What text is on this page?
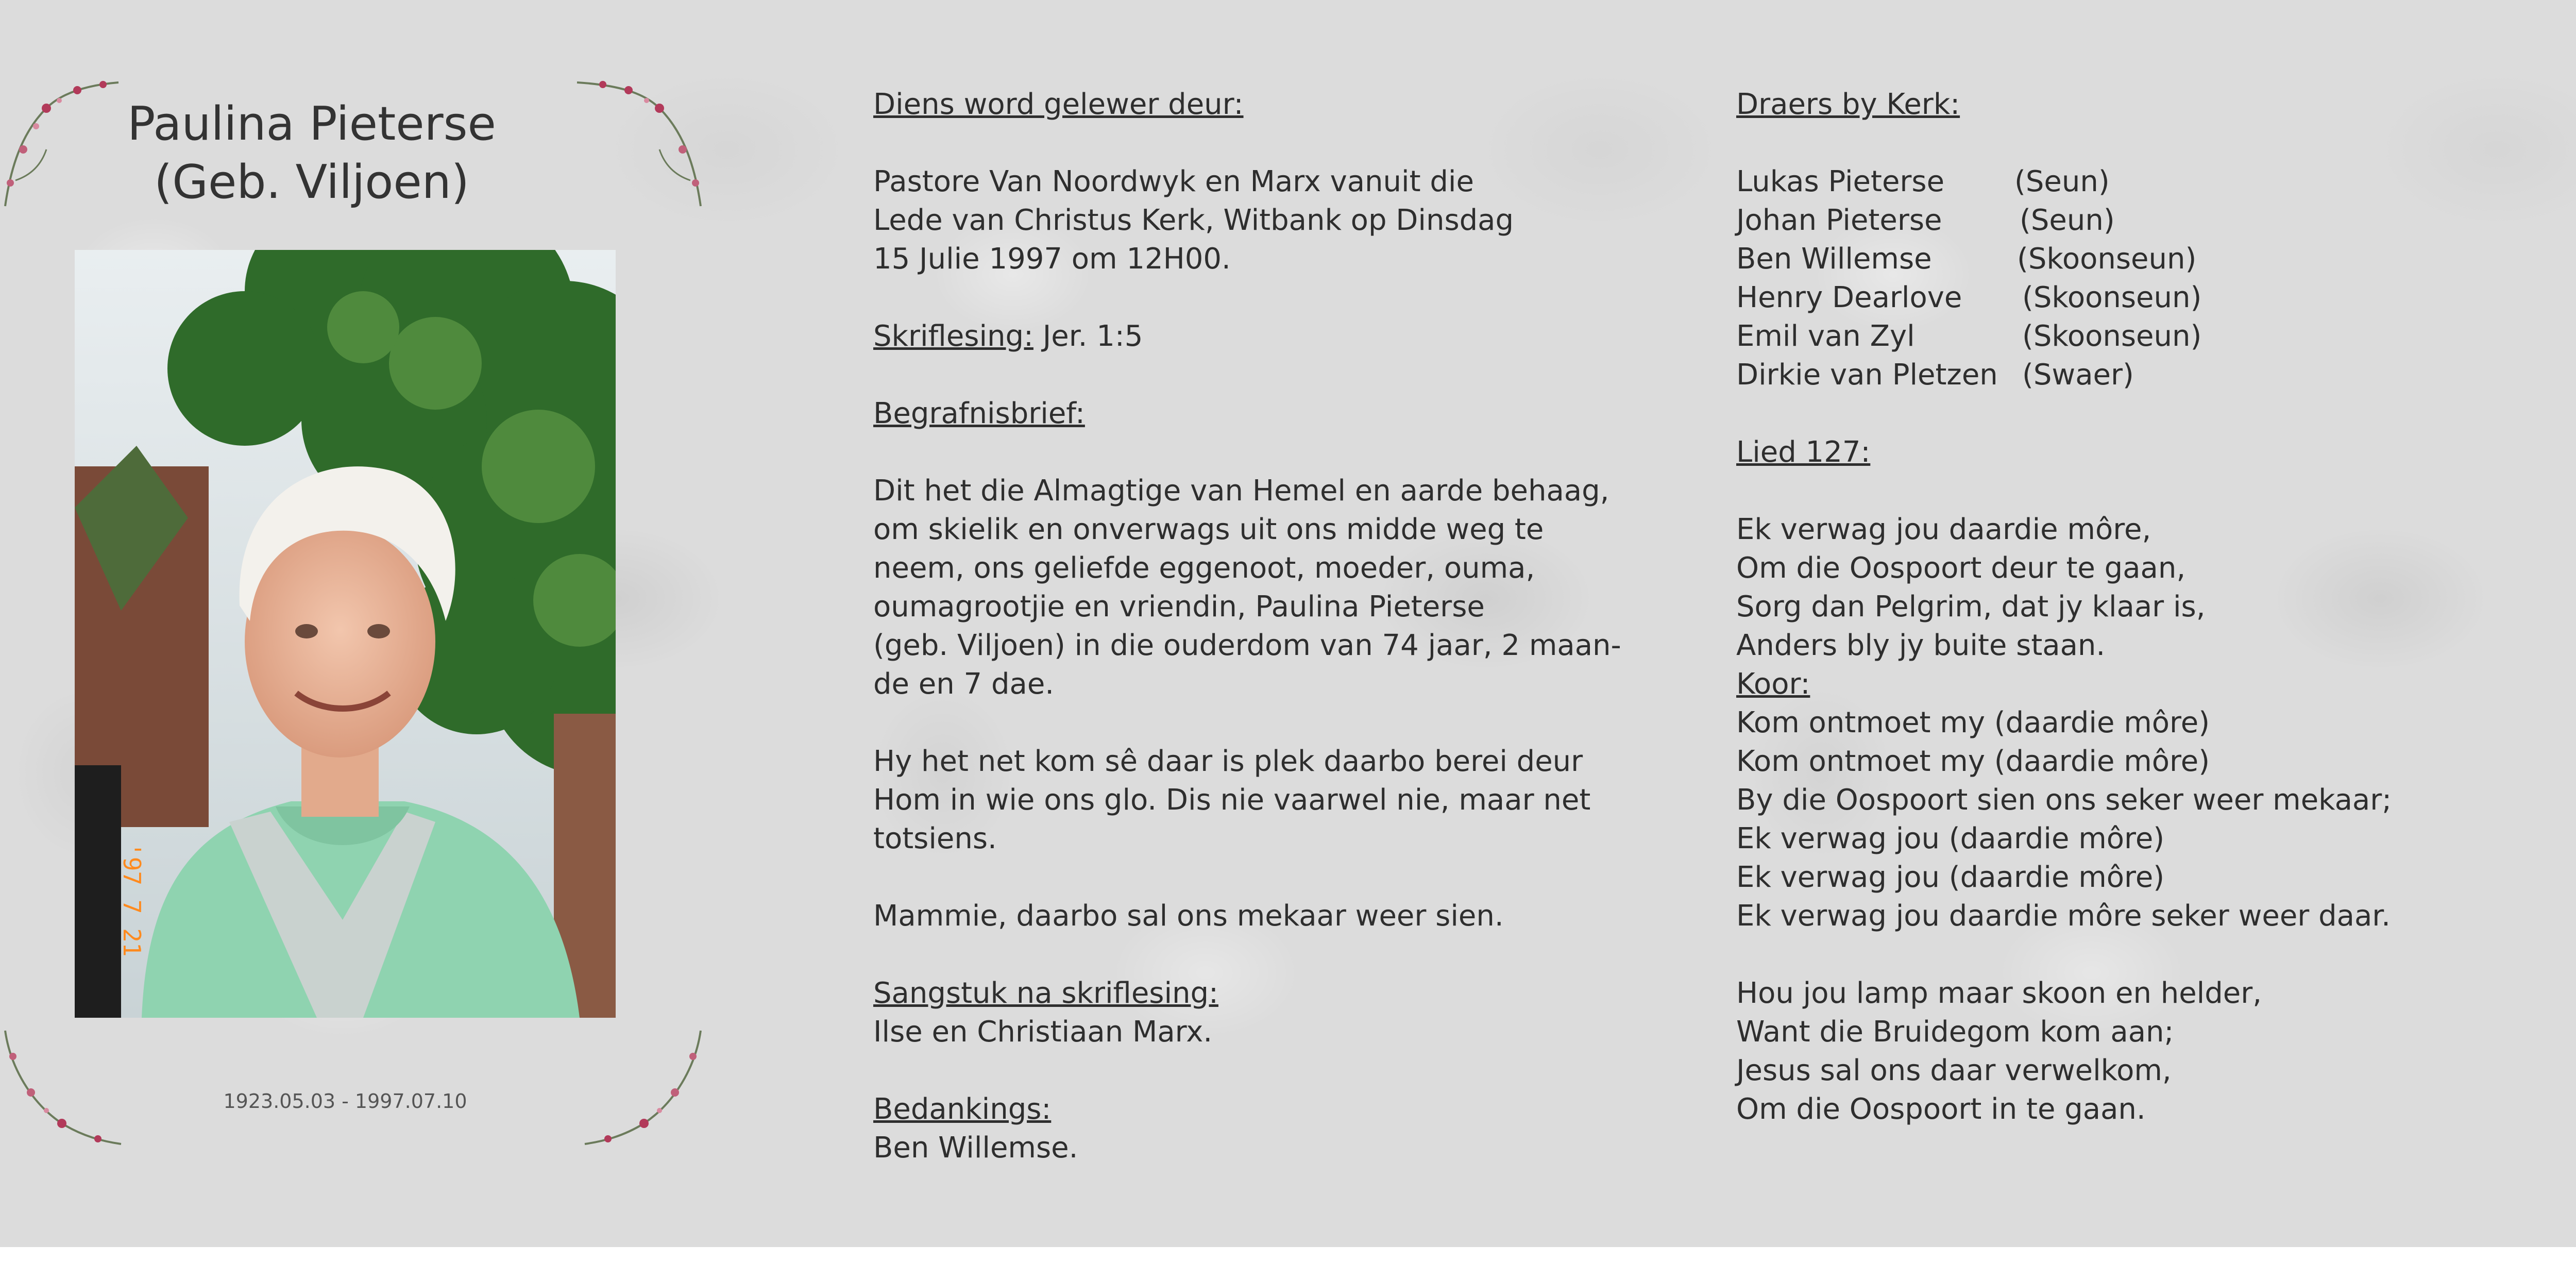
Paulina Pieterse
(Geb. Viljoen)
'97 7 21
1923.05.03 - 1997.07.10
Diens word gelewer deur:
Pastore Van Noordwyk en Marx vanuit die
Lede van Christus Kerk, Witbank op Dinsdag
15 Julie 1997 om 12H00.
Skriflesing: Jer. 1:5
Begrafnisbrief:
Dit het die Almagtige van Hemel en aarde behaag,
om skielik en onverwags uit ons midde weg te
neem, ons geliefde eggenoot, moeder, ouma,
oumagrootjie en vriendin, Paulina Pieterse
(geb. Viljoen) in die ouderdom van 74 jaar, 2 maan-
de en 7 dae.
Hy het net kom sê daar is plek daarbo berei deur
Hom in wie ons glo. Dis nie vaarwel nie, maar net
totsiens.
Mammie, daarbo sal ons mekaar weer sien.
Sangstuk na skriflesing:
Ilse en Christiaan Marx.
Bedankings:
Ben Willemse.
Draers by Kerk:
Lukas Pieterse (Seun)
Johan Pieterse	(Seun)
Ben Willemse	(Skoonseun)
Henry Dearlove (Skoonseun)
Emil van Zyl	(Skoonseun)
Dirkie van Pletzen (Swaer)
Lied 127:
Ek verwag jou daardie môre,
Om die Oospoort deur te gaan,
Sorg dan Pelgrim, dat jy klaar is,
Anders bly jy buite staan.
Koor:
Kom ontmoet my (daardie môre)
Kom ontmoet my (daardie môre)
By die Oospoort sien ons seker weer mekaar;
Ek verwag jou (daardie môre)
Ek verwag jou (daardie môre)
Ek verwag jou daardie môre seker weer daar.
Hou jou lamp maar skoon en helder,
Want die Bruidegom kom aan;
Jesus sal ons daar verwelkom,
Om die Oospoort in te gaan.
